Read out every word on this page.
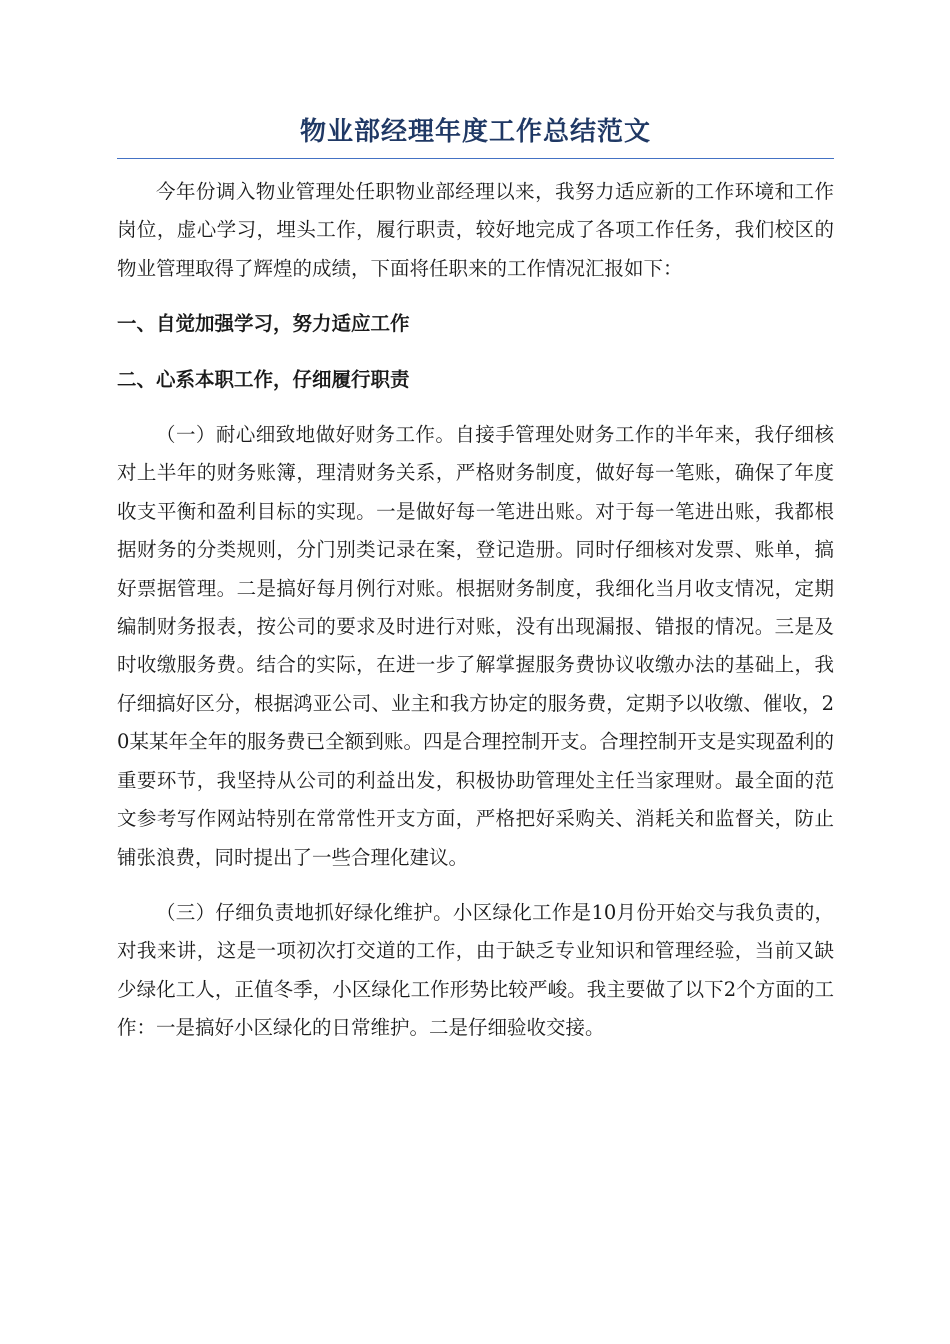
物业部经理年度工作总结范文

今年份调入物业管理处任职物业部经理以来，我努力适应新的工作环境和工作岗位，虚心学习，埋头工作，履行职责，较好地完成了各项工作任务，我们校区的物业管理取得了辉煌的成绩，下面将任职来的工作情况汇报如下：

一、自觉加强学习，努力适应工作

二、心系本职工作，仔细履行职责

（一）耐心细致地做好财务工作。自接手管理处财务工作的半年来，我仔细核对上半年的财务账簿，理清财务关系，严格财务制度，做好每一笔账，确保了年度收支平衡和盈利目标的实现。一是做好每一笔进出账。对于每一笔进出账，我都根据财务的分类规则，分门别类记录在案，登记造册。同时仔细核对发票、账单，搞好票据管理。二是搞好每月例行对账。根据财务制度，我细化当月收支情况，定期编制财务报表，按公司的要求及时进行对账，没有出现漏报、错报的情况。三是及时收缴服务费。结合的实际，在进一步了解掌握服务费协议收缴办法的基础上，我仔细搞好区分，根据鸿亚公司、业主和我方协定的服务费，定期予以收缴、催收，20某某年全年的服务费已全额到账。四是合理控制开支。合理控制开支是实现盈利的重要环节，我坚持从公司的利益出发，积极协助管理处主任当家理财。最全面的范文参考写作网站特别在常常性开支方面，严格把好采购关、消耗关和监督关，防止铺张浪费，同时提出了一些合理化建议。

（三）仔细负责地抓好绿化维护。小区绿化工作是10月份开始交与我负责的，对我来讲，这是一项初次打交道的工作，由于缺乏专业知识和管理经验，当前又缺少绿化工人，正值冬季，小区绿化工作形势比较严峻。我主要做了以下2个方面的工作：一是搞好小区绿化的日常维护。二是仔细验收交接。
